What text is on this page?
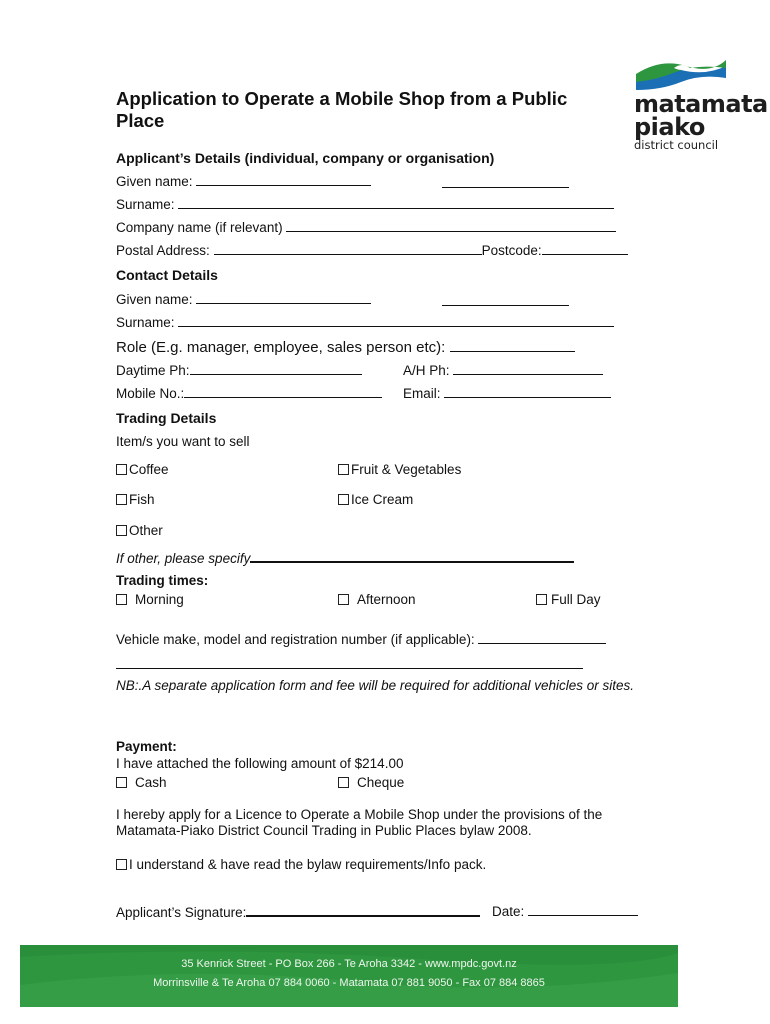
matamata
piako
district council
Application to Operate a Mobile Shop from a Public Place
Applicant’s Details (individual, company or organisation)
Given name:
Surname:
Company name (if relevant)
Postal Address:	Postcode:
Contact Details
Given name:
Surname:
Role (E.g. manager, employee, sales person etc):
Daytime Ph:	A/H Ph:
Mobile No.:	Email:
Trading Details
Item/s you want to sell
Coffee	Fruit & Vegetables
Fish	Ice Cream
Other
If other, please specify
Trading times:
Morning	Afternoon	Full Day
Vehicle make, model and registration number (if applicable):
NB:.A separate application form and fee will be required for additional vehicles or sites.
Payment:
I have attached the following amount of $214.00
Cash	Cheque
I hereby apply for a Licence to Operate a Mobile Shop under the provisions of the Matamata-Piako District Council Trading in Public Places bylaw 2008.
I understand & have read the bylaw requirements/Info pack.
Applicant’s Signature:	Date:
35 Kenrick Street - PO Box 266 - Te Aroha 3342 - www.mpdc.govt.nz
Morrinsville & Te Aroha 07 884 0060 - Matamata 07 881 9050 - Fax 07 884 8865
